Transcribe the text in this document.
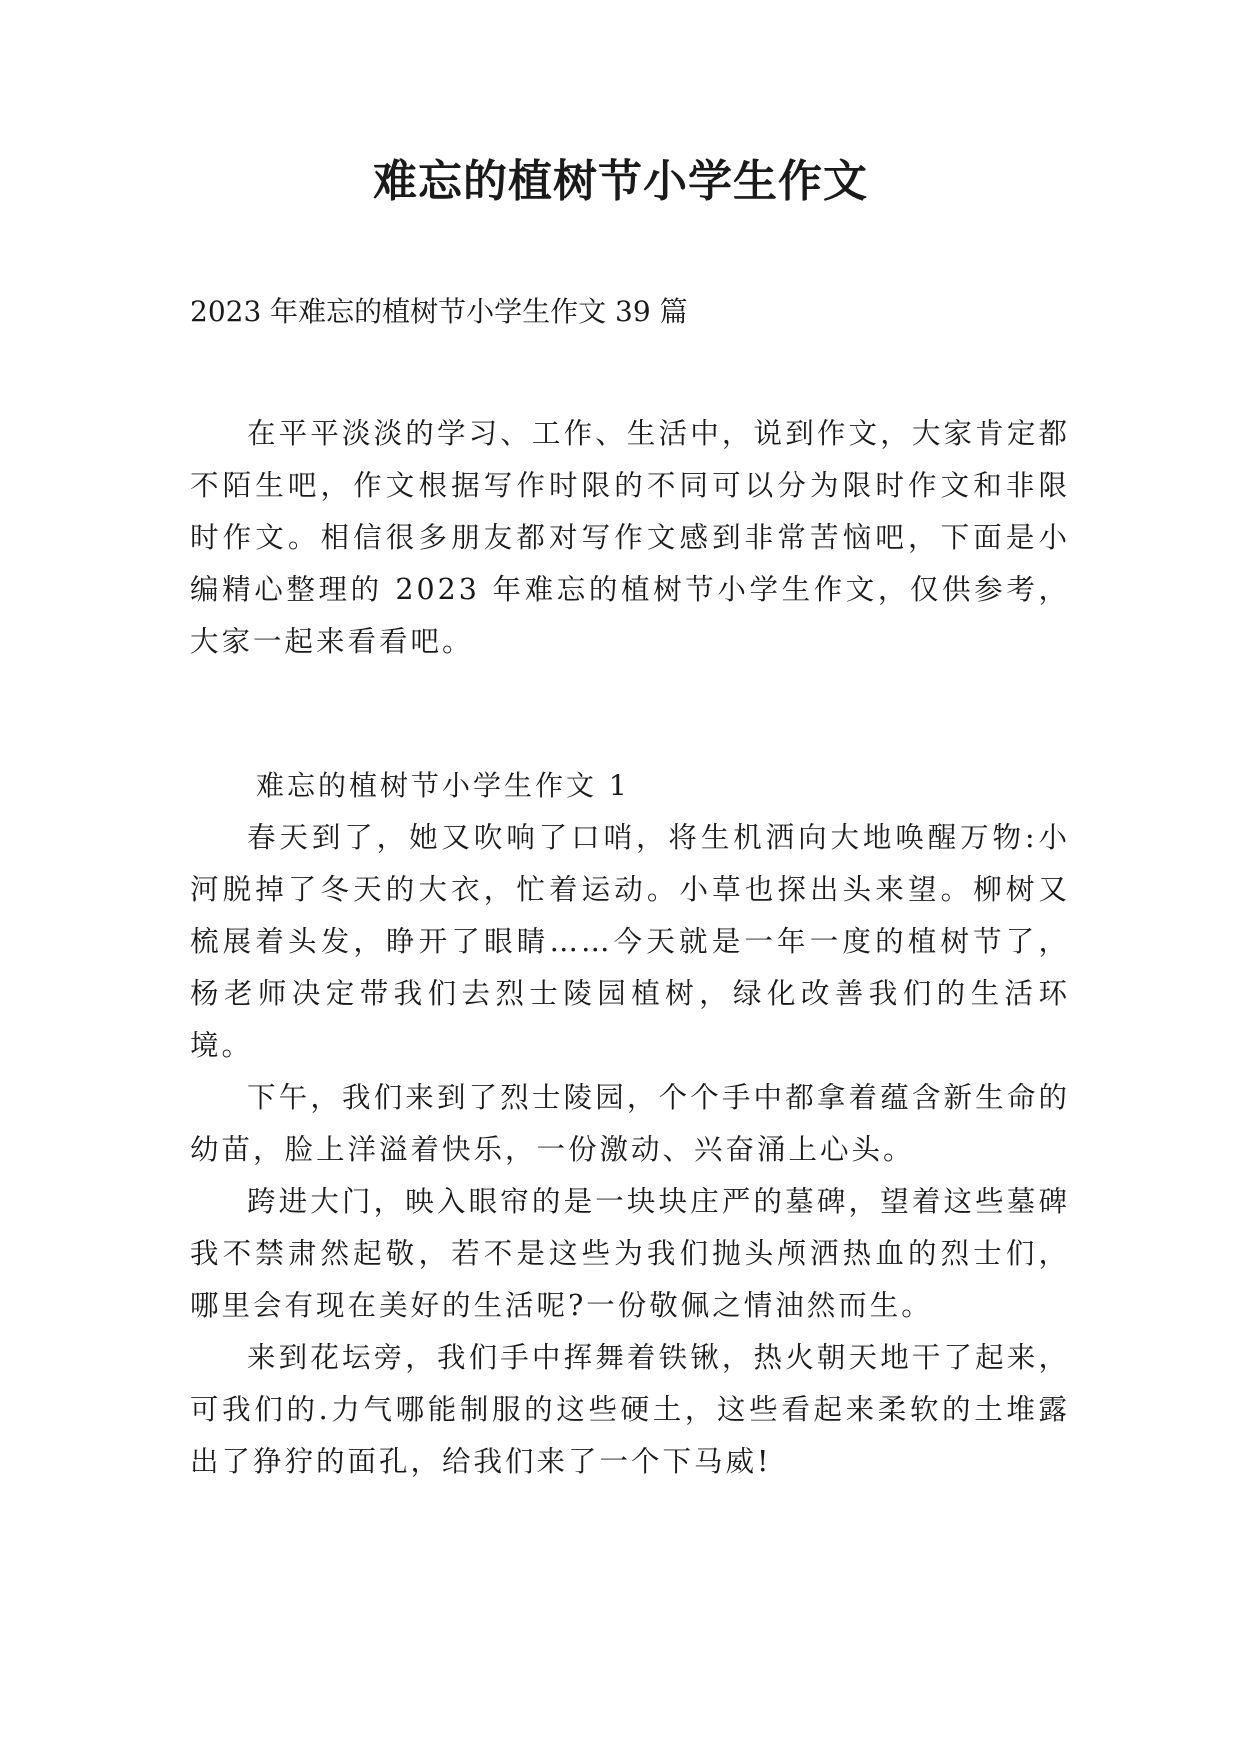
难忘的植树节小学生作文
2023 年难忘的植树节小学生作文 39 篇

在平平淡淡的学习、工作、生活中，说到作文，大家肯定都不陌生吧，作文根据写作时限的不同可以分为限时作文和非限时作文。相信很多朋友都对写作文感到非常苦恼吧，下面是小编精心整理的 2023 年难忘的植树节小学生作文，仅供参考，大家一起来看看吧。

难忘的植树节小学生作文 1

春天到了，她又吹响了口哨，将生机洒向大地唤醒万物:小河脱掉了冬天的大衣，忙着运动。小草也探出头来望。柳树又梳展着头发，睁开了眼睛……今天就是一年一度的植树节了，杨老师决定带我们去烈士陵园植树，绿化改善我们的生活环境。

下午，我们来到了烈士陵园，个个手中都拿着蕴含新生命的幼苗，脸上洋溢着快乐，一份激动、兴奋涌上心头。

跨进大门，映入眼帘的是一块块庄严的墓碑，望着这些墓碑我不禁肃然起敬，若不是这些为我们抛头颅洒热血的烈士们，哪里会有现在美好的生活呢?一份敬佩之情油然而生。

来到花坛旁，我们手中挥舞着铁锹，热火朝天地干了起来，可我们的.力气哪能制服的这些硬土，这些看起来柔软的土堆露出了狰狞的面孔，给我们来了一个下马威!
